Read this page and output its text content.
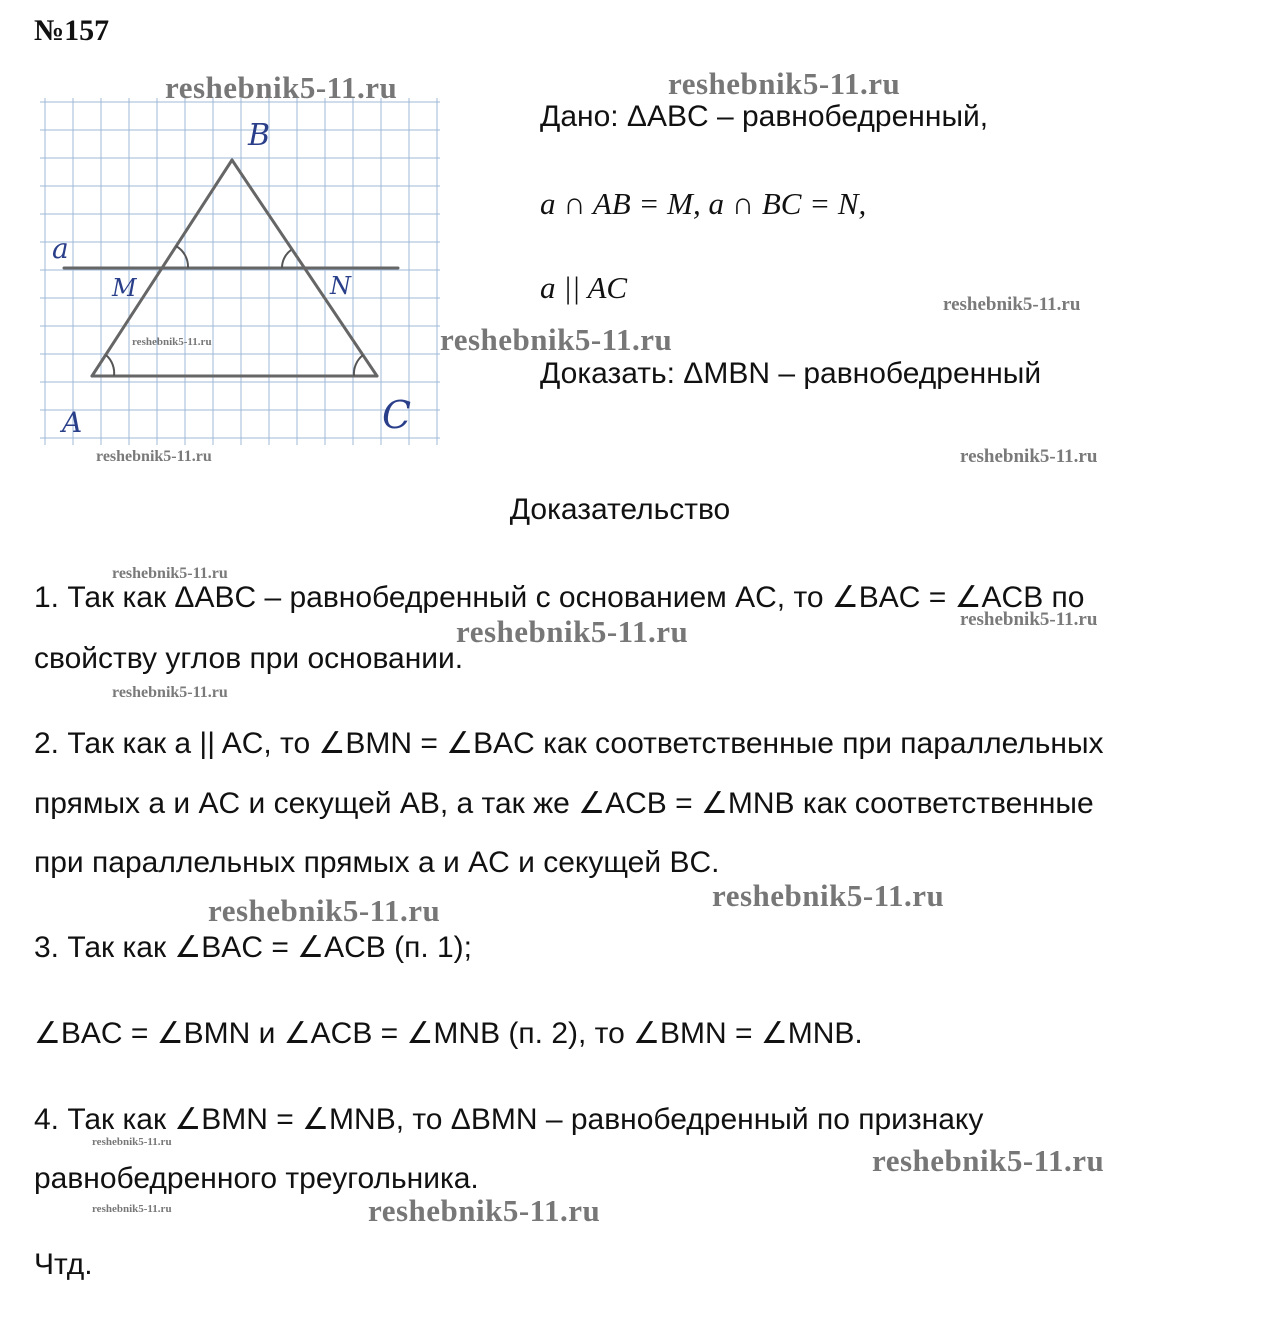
№157
B
A	C
M	N
a
Дано: ΔABC – равнобедренный,
a ∩ AB = M, a ∩ BC = N,
a || AC
Доказать: ΔMBN – равнобедренный
Доказательство
1. Так как ΔABC – равнобедренный с основанием AC, то ∠BAC = ∠ACB по
свойству углов при основании.
2. Так как a || AC, то ∠BMN = ∠BAC как соответственные при параллельных
прямых a и AC и секущей AB, а так же ∠ACB = ∠MNB как соответственные
при параллельных прямых a и AC и секущей BC.
3. Так как ∠BAC = ∠ACB (п. 1);
∠BAC = ∠BMN и ∠ACB = ∠MNB (п. 2), то ∠BMN = ∠MNB.
4. Так как ∠BMN = ∠MNB, то ΔBMN – равнобедренный по признаку
равнобедренного треугольника.
Чтд.
reshebnik5-11.ru	reshebnik5-11.ru
reshebnik5-11.ru
reshebnik5-11.ru
reshebnik5-11.ru
reshebnik5-11.ru	reshebnik5-11.ru
reshebnik5-11.ru
reshebnik5-11.ru	reshebnik5-11.ru
reshebnik5-11.ru
reshebnik5-11.ru
reshebnik5-11.ru
reshebnik5-11.ru
reshebnik5-11.ru
reshebnik5-11.ru	reshebnik5-11.ru
